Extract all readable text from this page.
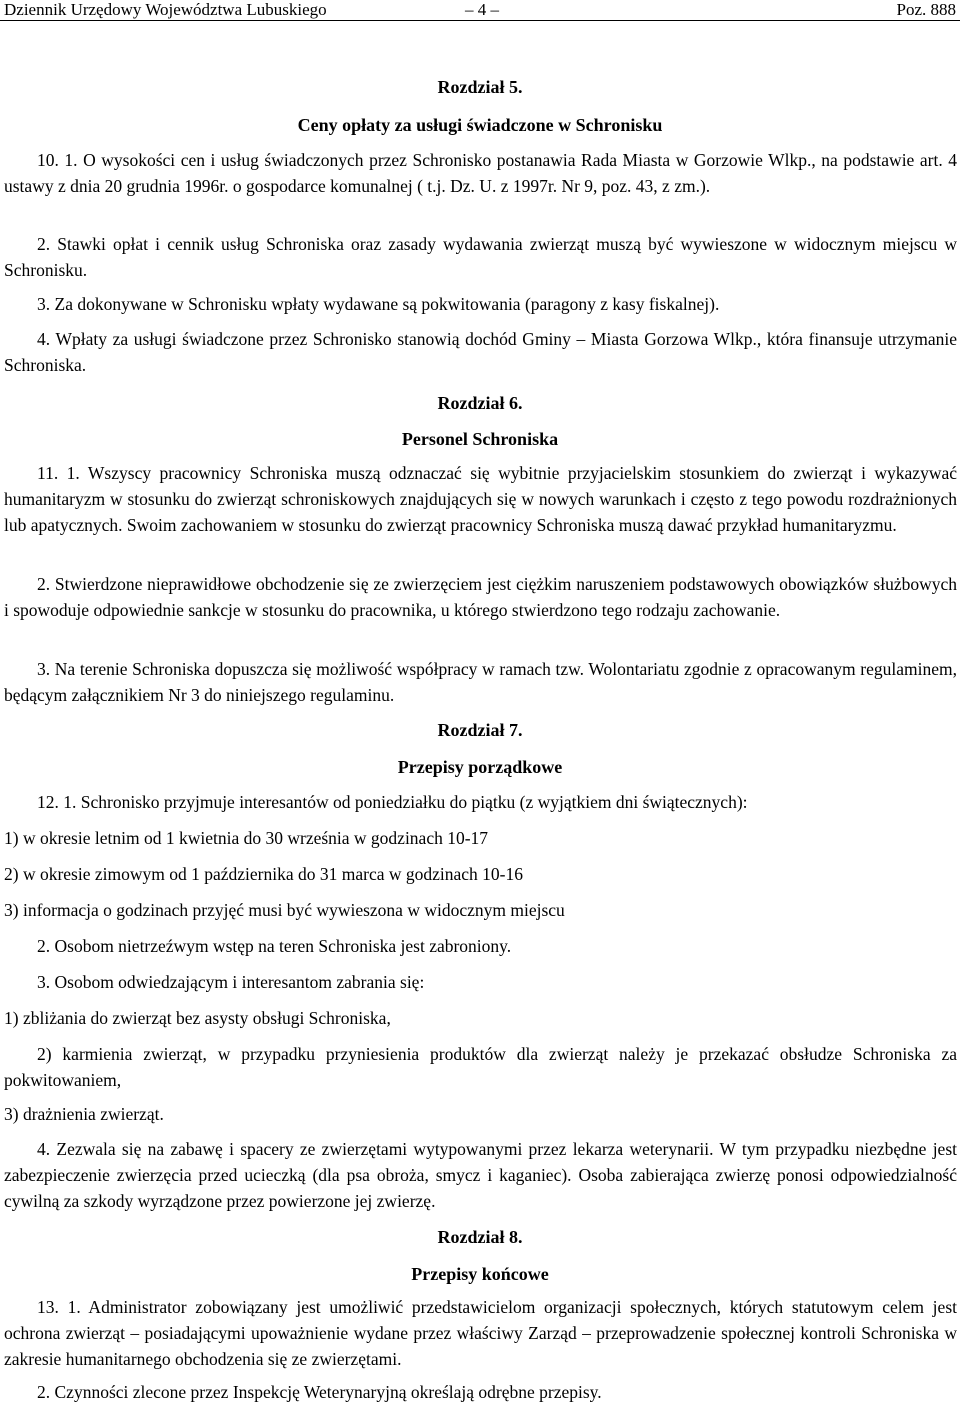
Dziennik Urzędowy Województwa Lubuskiego	– 4 –	Poz. 888
Rozdział 5.
Ceny opłaty za usługi świadczone w Schronisku

10. 1. O wysokości cen i usług świadczonych przez Schronisko postanawia Rada Miasta w Gorzowie Wlkp., na podstawie art. 4 ustawy z dnia 20 grudnia 1996r. o gospodarce komunalnej ( t.j. Dz. U. z 1997r. Nr 9, poz. 43, z zm.).

2. Stawki opłat i cennik usług Schroniska oraz zasady wydawania zwierząt muszą być wywieszone w widocznym miejscu w Schronisku.

3. Za dokonywane w Schronisku wpłaty wydawane są pokwitowania (paragony z kasy fiskalnej).

4. Wpłaty za usługi świadczone przez Schronisko stanowią dochód Gminy ‒ Miasta Gorzowa Wlkp., która finansuje utrzymanie Schroniska.

Rozdział 6.
Personel Schroniska

11. 1. Wszyscy pracownicy Schroniska muszą odznaczać się wybitnie przyjacielskim stosunkiem do zwierząt i wykazywać humanitaryzm w stosunku do zwierząt schroniskowych znajdujących się w nowych warunkach i często z tego powodu rozdrażnionych lub apatycznych. Swoim zachowaniem w stosunku do zwierząt pracownicy Schroniska muszą dawać przykład humanitaryzmu.

2. Stwierdzone nieprawidłowe obchodzenie się ze zwierzęciem jest ciężkim naruszeniem podstawowych obowiązków służbowych i spowoduje odpowiednie sankcje w stosunku do pracownika, u którego stwierdzono tego rodzaju zachowanie.

3. Na terenie Schroniska dopuszcza się możliwość współpracy w ramach tzw. Wolontariatu zgodnie z opracowanym regulaminem, będącym załącznikiem Nr 3 do niniejszego regulaminu.

Rozdział 7.
Przepisy porządkowe

12. 1. Schronisko przyjmuje interesantów od poniedziałku do piątku (z wyjątkiem dni świątecznych):

1) w okresie letnim od 1 kwietnia do 30 września w godzinach 10-17

2) w okresie zimowym od 1 października do 31 marca w godzinach 10-16

3) informacja o godzinach przyjęć musi być wywieszona w widocznym miejscu

2. Osobom nietrzeźwym wstęp na teren Schroniska jest zabroniony.

3. Osobom odwiedzającym i interesantom zabrania się:

1) zbliżania do zwierząt bez asysty obsługi Schroniska,

2) karmienia zwierząt, w przypadku przyniesienia produktów dla zwierząt należy je przekazać obsłudze Schroniska za pokwitowaniem,

3) drażnienia zwierząt.

4. Zezwala się na zabawę i spacery ze zwierzętami wytypowanymi przez lekarza weterynarii. W tym przypadku niezbędne jest zabezpieczenie zwierzęcia przed ucieczką (dla psa obroża, smycz i kaganiec). Osoba zabierająca zwierzę ponosi odpowiedzialność cywilną za szkody wyrządzone przez powierzone jej zwierzę.

Rozdział 8.
Przepisy końcowe

13. 1. Administrator zobowiązany jest umożliwić przedstawicielom organizacji społecznych, których statutowym celem jest ochrona zwierząt ‒ posiadającymi upoważnienie wydane przez właściwy Zarząd ‒ przeprowadzenie społecznej kontroli Schroniska w zakresie humanitarnego obchodzenia się ze zwierzętami.

2. Czynności zlecone przez Inspekcję Weterynaryjną określają odrębne przepisy.
